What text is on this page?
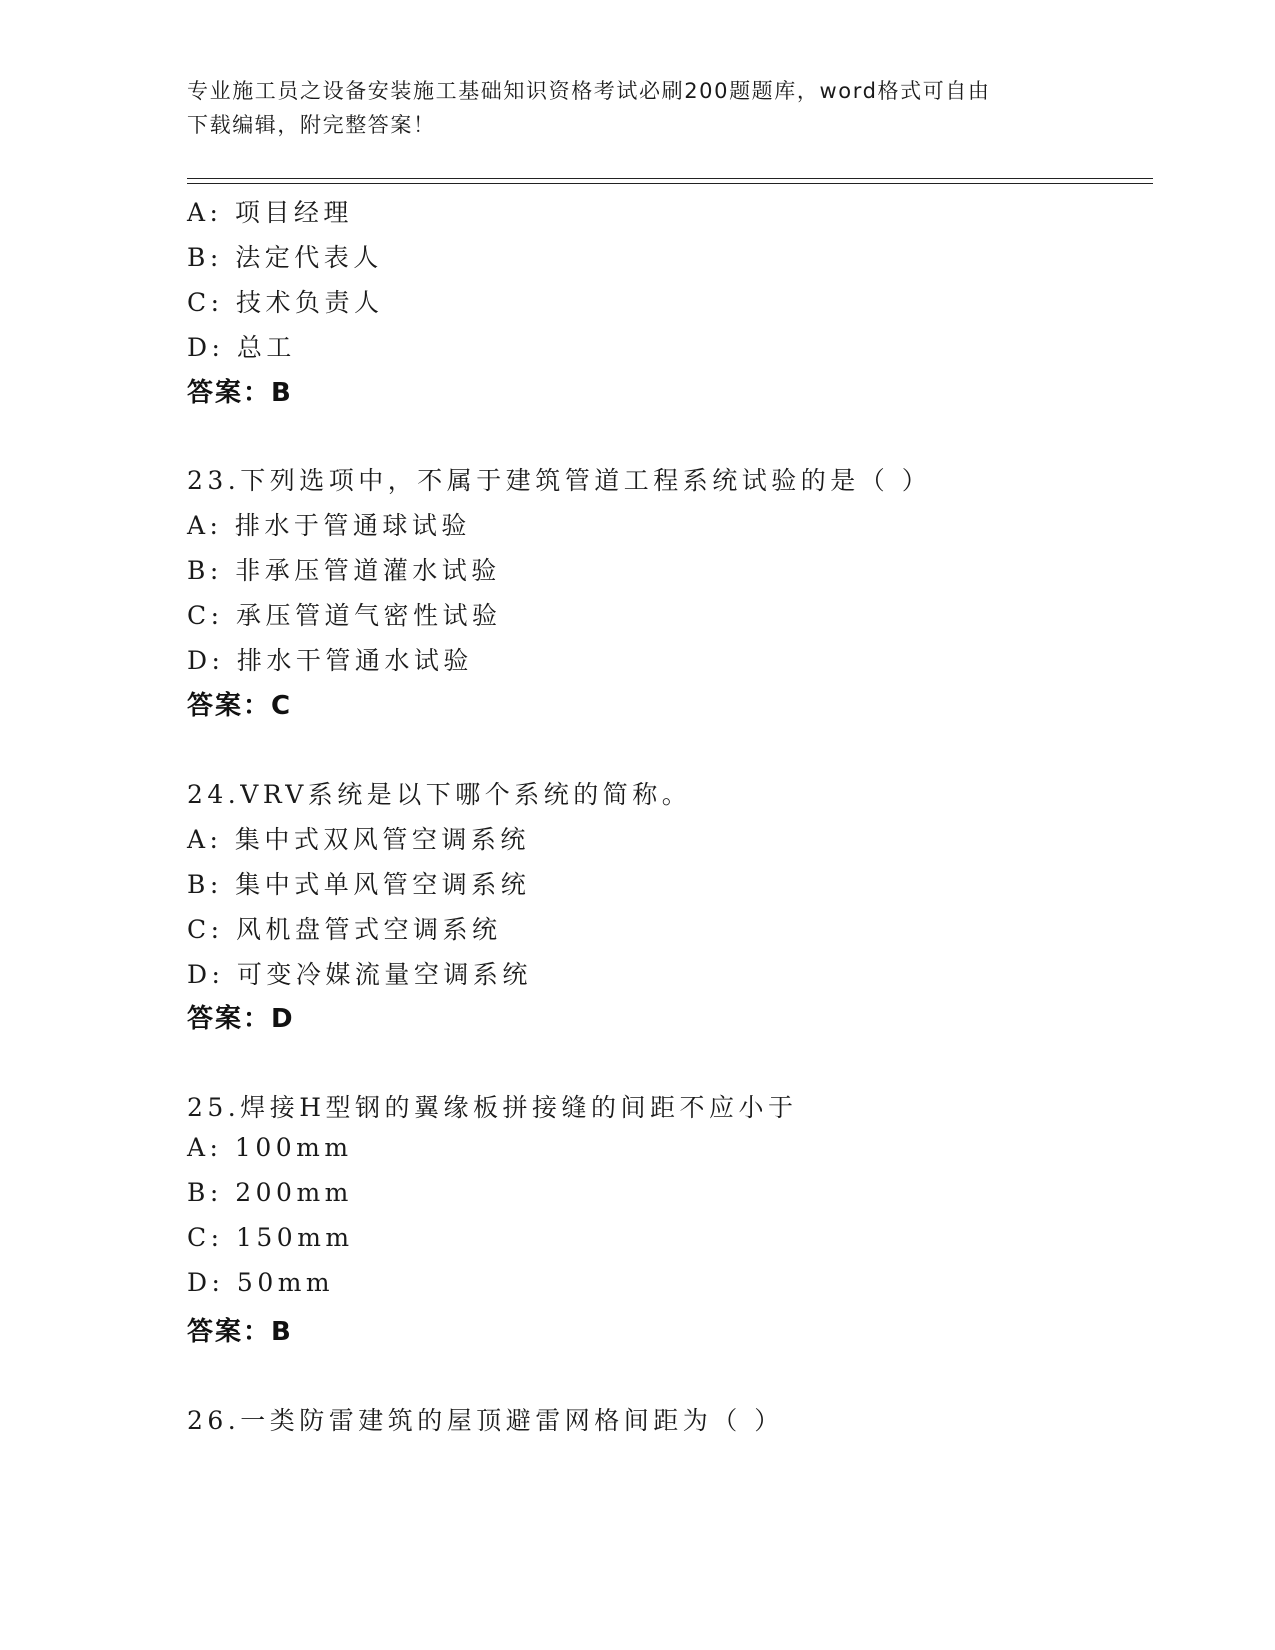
专业施工员之设备安装施工基础知识资格考试必刷200题题库，word格式可自由
下载编辑，附完整答案！
A: 项目经理
B: 法定代表人
C: 技术负责人
D: 总工
答案：B
23.下列选项中，不属于建筑管道工程系统试验的是（ ）
A: 排水于管通球试验
B: 非承压管道灌水试验
C: 承压管道气密性试验
D: 排水干管通水试验
答案：C
24.VRV系统是以下哪个系统的简称。
A: 集中式双风管空调系统
B: 集中式单风管空调系统
C: 风机盘管式空调系统
D: 可变冷媒流量空调系统
答案：D
25.焊接H型钢的翼缘板拼接缝的间距不应小于
A: 100mm
B: 200mm
C: 150mm
D: 50mm
答案：B
26.一类防雷建筑的屋顶避雷网格间距为（ ）
